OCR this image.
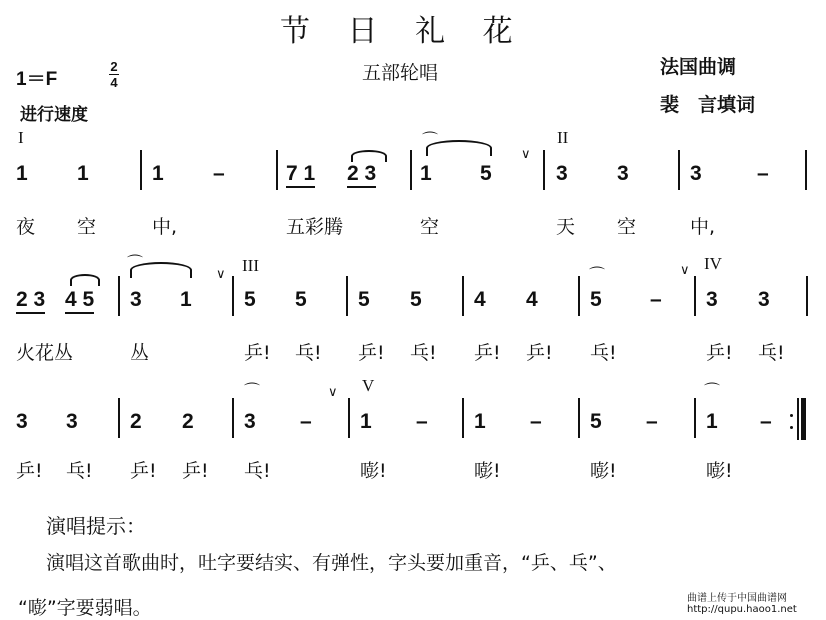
节 日 礼 花
五部轮唱
1＝F
2
4
进行速度
法国曲调
裴　言填词
I	II
∨
⌒
1 1	1 –	7 1 2 3 1 5	3 3	3	–
夜 空	中,	五彩腾	空	天 空	中,
⌒
∨ III	⌒	∨ IV
2 3 4 5 3 1 5 5 5 5 4 4 5 – 3 3
火花丛	丛	乒! 乓! 乒! 乓! 乒! 乒! 乓!	乒! 乓!
⌒	∨ V	⌒
3 3 2 2 3 – 1 – 1 – 5 – 1 –
乒! 乓! 乒! 乒! 乓!	嘭!	嘭!	嘭!	嘭!
演唱提示：
演唱这首歌曲时，吐字要结实、有弹性，字头要加重音，“乒、乓”、
“嘭”字要弱唱。	曲谱上传于中国曲谱网
http://qupu.haoo1.net
